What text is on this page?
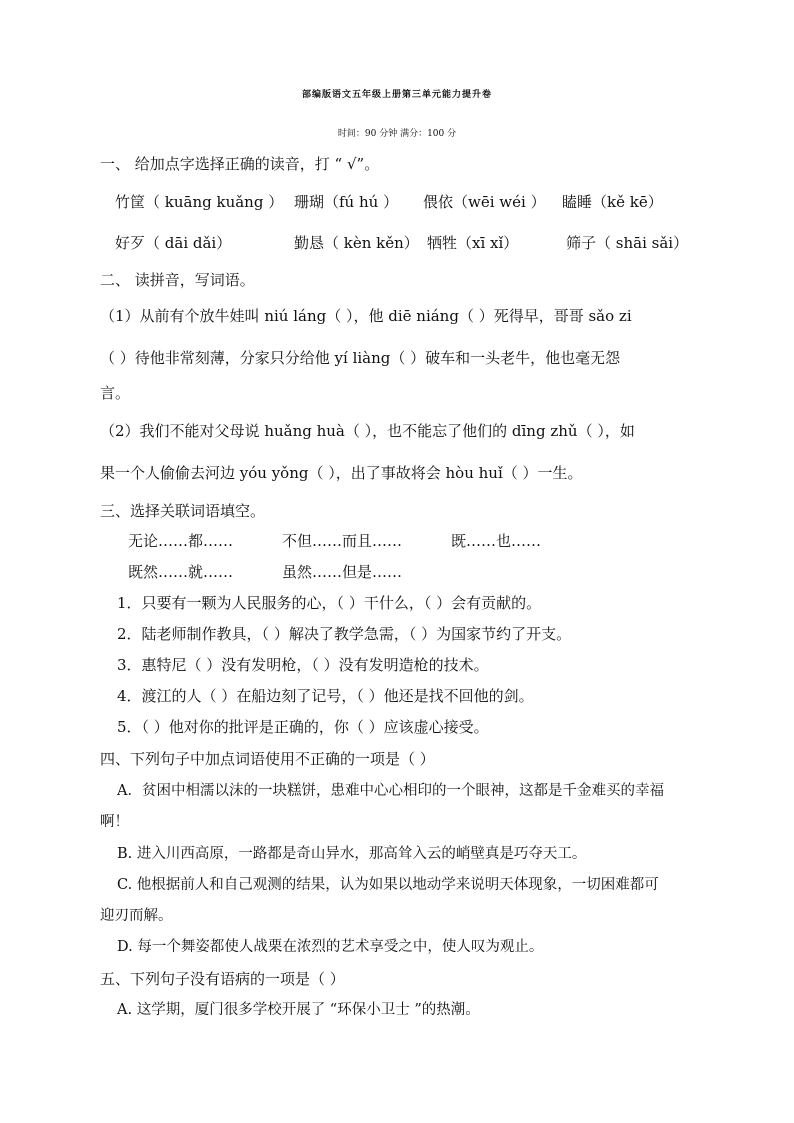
部编版语文五年级上册第三单元能力提升卷
时间：90 分钟 满分：100 分
一、 给加点字选择正确的读音，打 “ √”。
竹筐（ kuāng kuǎng ） 珊瑚（fú hú ） 偎依（wēi wéi ） 瞌睡（kě kē）
好歹（ dāi dǎi）	勤恳（ kèn kěn） 牺牲（xī xǐ）	筛子（ shāi sǎi）
二、 读拼音，写词语。
（1）从前有个放牛娃叫 niú láng（ ），他 diē niáng（ ）死得早，哥哥 sǎo zi
（ ）待他非常刻薄，分家只分给他 yí liàng（ ）破车和一头老牛，他也毫无怨
言。
（2）我们不能对父母说 huǎng huà（ ），也不能忘了他们的 dīng zhǔ（ ），如
果一个人偷偷去河边 yóu yǒng（ ），出了事故将会 hòu huǐ（ ）一生。
三、选择关联词语填空。
无论……都……	不但……而且……	既……也……
既然……就……	虽然……但是……
1．只要有一颗为人民服务的心，（ ）干什么，（ ）会有贡献的。
2．陆老师制作教具，（ ）解决了教学急需，（ ）为国家节约了开支。
3．惠特尼（ ）没有发明枪，（ ）没有发明造枪的技术。
4．渡江的人（ ）在船边刻了记号，（ ）他还是找不回他的剑。
5．（ ）他对你的批评是正确的，你（ ）应该虚心接受。
四、下列句子中加点词语使用不正确的一项是（ ）
A．贫困中相濡以沫的一块糕饼，患难中心心相印的一个眼神，这都是千金难买的幸福
啊！
B. 进入川西高原，一路都是奇山异水，那高耸入云的峭壁真是巧夺天工。
C. 他根据前人和自己观测的结果，认为如果以地动学来说明天体现象，一切困难都可
迎刃而解。
D. 每一个舞姿都使人战栗在浓烈的艺术享受之中，使人叹为观止。
五、下列句子没有语病的一项是（ ）
A. 这学期，厦门很多学校开展了 “环保小卫士 ”的热潮。
